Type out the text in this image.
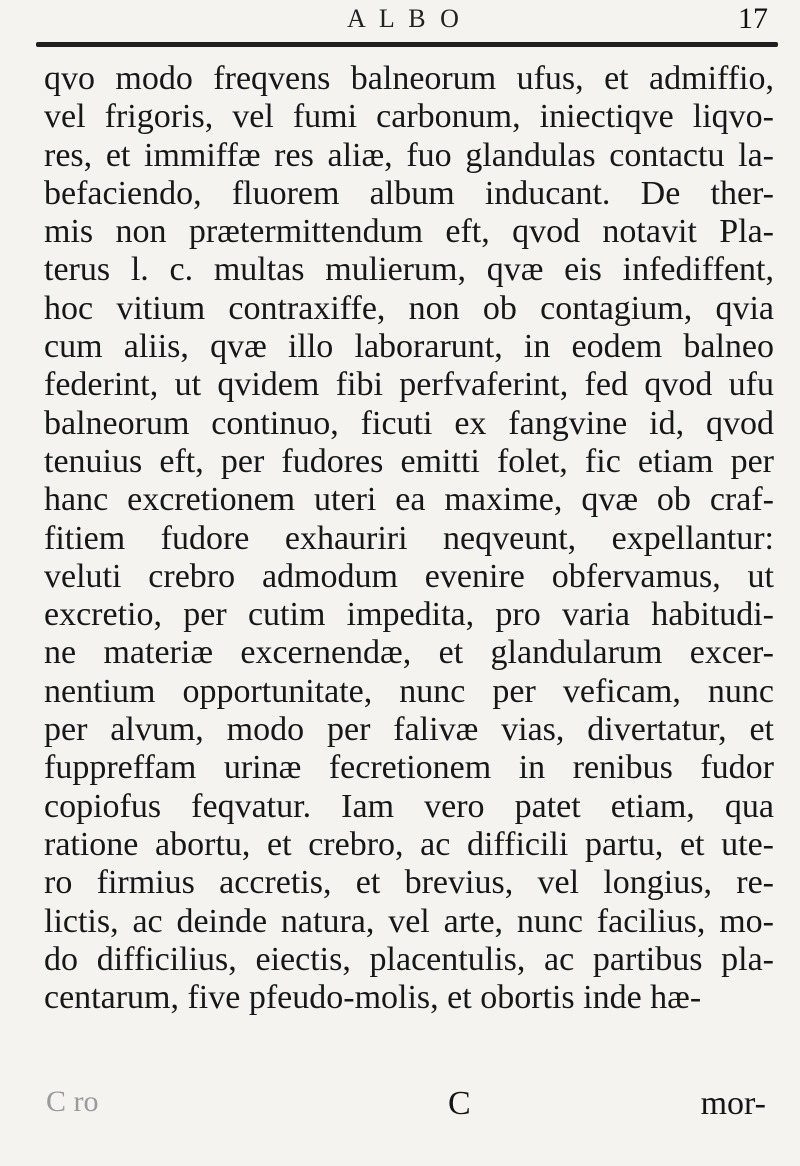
A L B O	17
qvo modo freqvens balneorum ufus, et admiffio,
vel frigoris, vel fumi carbonum, iniectiqve liqvo-
res, et immiffæ res aliæ, fuo glandulas contactu la-
befaciendo, fluorem album inducant. De ther-
mis non prætermittendum eft, qvod notavit Pla-
terus l. c. multas mulierum, qvæ eis infediffent,
hoc vitium contraxiffe, non ob contagium, qvia
cum aliis, qvæ illo laborarunt, in eodem balneo
federint, ut qvidem fibi perfvaferint, fed qvod ufu
balneorum continuo, ficuti ex fangvine id, qvod
tenuius eft, per fudores emitti folet, fic etiam per
hanc excretionem uteri ea maxime, qvæ ob craf-
fitiem fudore exhauriri neqveunt, expellantur:
veluti crebro admodum evenire obfervamus, ut
excretio, per cutim impedita, pro varia habitudi-
ne materiæ excernendæ, et glandularum excer-
nentium opportunitate, nunc per veficam, nunc
per alvum, modo per falivæ vias, divertatur, et
fuppreffam urinæ fecretionem in renibus fudor
copiofus feqvatur. Iam vero patet etiam, qua
ratione abortu, et crebro, ac difficili partu, et ute-
ro firmius accretis, et brevius, vel longius, re-
lictis, ac deinde natura, vel arte, nunc facilius, mo-
do difficilius, eiectis, placentulis, ac partibus pla-
centarum, five pfeudo-molis, et obortis inde hæ-
C ro	C	mor-
